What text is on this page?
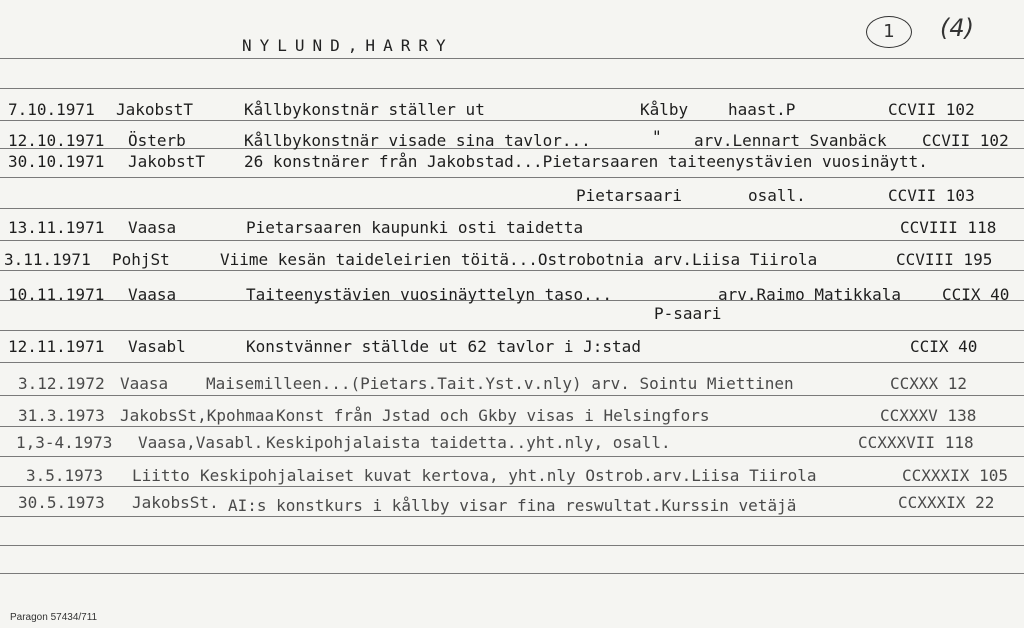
NYLUND,HARRY
1	(4)
7.10.1971 JakobstT	Kållbykonstnär ställer ut	Kålby haast.P	CCVII 102
12.10.1971 Österb	Kållbykonstnär visade sina tavlor...	" arv.Lennart Svanbäck CCVII 102
30.10.1971 JakobstT 26 konstnärer från Jakobstad...Pietarsaaren taiteenystävien vuosinäytt.
Pietarsaari	osall.	CCVII 103
13.11.1971 Vaasa	Pietarsaaren kaupunki osti taidetta	CCVIII 118
3.11.1971 PohjSt	Viime kesän taideleirien töitä...Ostrobotnia arv.Liisa Tiirola	CCVIII 195
10.11.1971 Vaasa	Taiteenystävien vuosinäyttelyn taso...	arv.Raimo Matikkala	CCIX 40
P-saari
12.11.1971 Vasabl	Konstvänner ställde ut 62 tavlor i J:stad	CCIX 40
3.12.1972 Vaasa Maisemilleen...(Pietars.Tait.Yst.v.nly) arv. Sointu Miettinen	CCXXX 12
31.3.1973 JakobsSt,Kpohmaa Konst från Jstad och Gkby visas i Helsingfors	CCXXXV 138
1,3-4.1973 Vaasa,Vasabl. Keskipohjalaista taidetta..yht.nly, osall.	CCXXXVII 118
3.5.1973 Liitto Keskipohjalaiset kuvat kertova, yht.nly Ostrob.arv.Liisa Tiirola	CCXXXIX 105
30.5.1973 JakobsSt. AI:s konstkurs i kållby visar fina reswultat.Kurssin vetäjä	CCXXXIX 22
Paragon 57434/711
